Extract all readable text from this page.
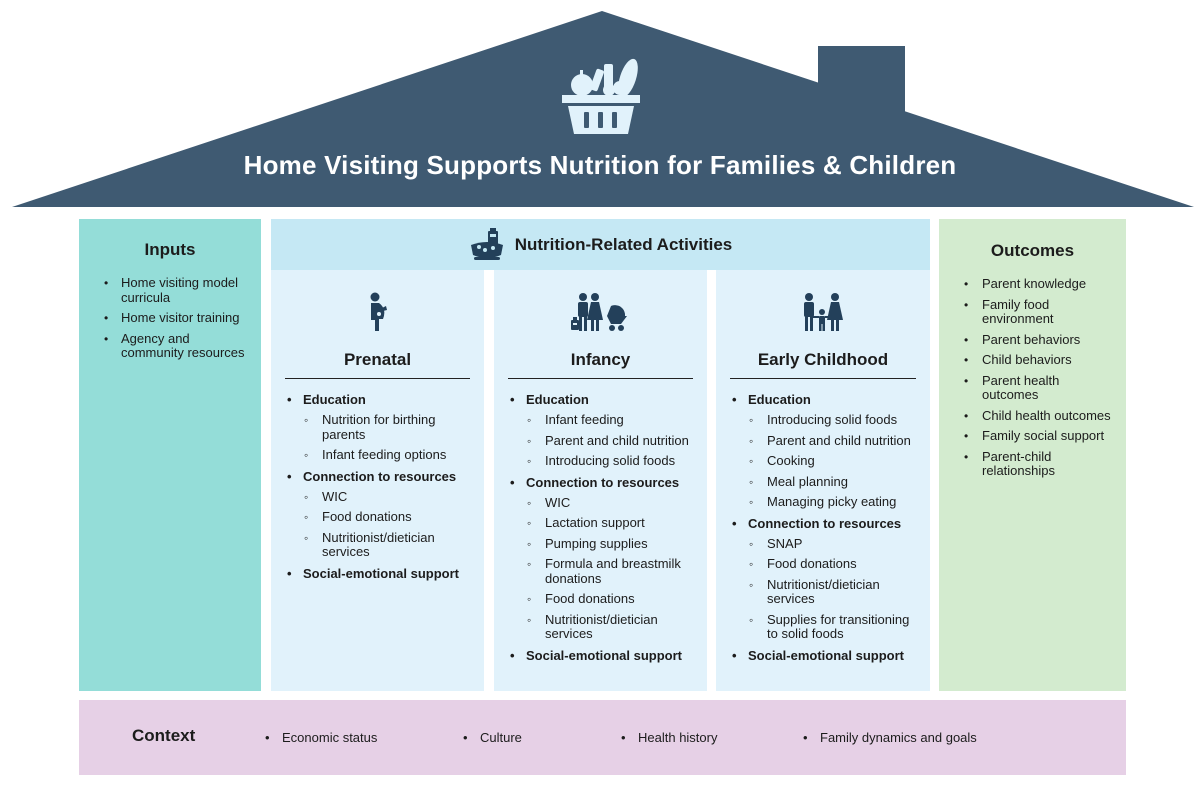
Home Visiting Supports Nutrition for Families & Children
Inputs
• Home visiting model curricula
• Home visitor training
• Agency and community resources
Nutrition-Related Activities
Prenatal
• Education
◦ Nutrition for birthing parents
◦ Infant feeding options
• Connection to resources
◦ WIC
◦ Food donations
◦ Nutritionist/dietician services
• Social-emotional support
Infancy
• Education
◦ Infant feeding
◦ Parent and child nutrition
◦ Introducing solid foods
• Connection to resources
◦ WIC
◦ Lactation support
◦ Pumping supplies
◦ Formula and breastmilk donations
◦ Food donations
◦ Nutritionist/dietician services
• Social-emotional support
Early Childhood
• Education
◦ Introducing solid foods
◦ Parent and child nutrition
◦ Cooking
◦ Meal planning
◦ Managing picky eating
• Connection to resources
◦ SNAP
◦ Food donations
◦ Nutritionist/dietician services
◦ Supplies for transitioning to solid foods
• Social-emotional support
Outcomes
• Parent knowledge
• Family food environment
• Parent behaviors
• Child behaviors
• Parent health outcomes
• Child health outcomes
• Family social support
• Parent-child relationships
Context	• Economic status	• Culture	• Health history	• Family dynamics and goals
